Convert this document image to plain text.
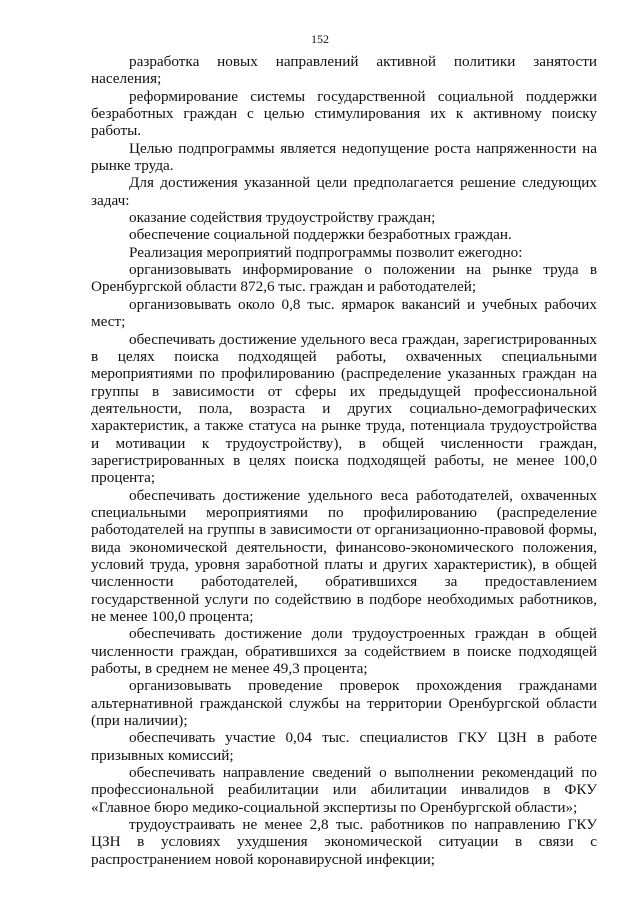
152

разработка новых направлений активной политики занятости населения;

реформирование системы государственной социальной поддержки безработных граждан с целью стимулирования их к активному поиску работы.

Целью подпрограммы является недопущение роста напряженности на рынке труда.

Для достижения указанной цели предполагается решение следующих задач:

оказание содействия трудоустройству граждан;

обеспечение социальной поддержки безработных граждан.

Реализация мероприятий подпрограммы позволит ежегодно:

организовывать информирование о положении на рынке труда в Оренбургской области 872,6 тыс. граждан и работодателей;

организовывать около 0,8 тыс. ярмарок вакансий и учебных рабочих мест;

обеспечивать достижение удельного веса граждан, зарегистрированных в целях поиска подходящей работы, охваченных специальными мероприятиями по профилированию (распределение указанных граждан на группы в зависимости от сферы их предыдущей профессиональной деятельности, пола, возраста и других социально-демографических характеристик, а также статуса на рынке труда, потенциала трудоустройства и мотивации к трудоустройству), в общей численности граждан, зарегистрированных в целях поиска подходящей работы, не менее 100,0 процента;

обеспечивать достижение удельного веса работодателей, охваченных специальными мероприятиями по профилированию (распределение работодателей на группы в зависимости от организационно-правовой формы, вида экономической деятельности, финансово-экономического положения, условий труда, уровня заработной платы и других характеристик), в общей численности работодателей, обратившихся за предоставлением государственной услуги по содействию в подборе необходимых работников, не менее 100,0 процента;

обеспечивать достижение доли трудоустроенных граждан в общей численности граждан, обратившихся за содействием в поиске подходящей работы, в среднем не менее 49,3 процента;

организовывать проведение проверок прохождения гражданами альтернативной гражданской службы на территории Оренбургской области (при наличии);

обеспечивать участие 0,04 тыс. специалистов ГКУ ЦЗН в работе призывных комиссий;

обеспечивать направление сведений о выполнении рекомендаций по профессиональной реабилитации или абилитации инвалидов в ФКУ «Главное бюро медико-социальной экспертизы по Оренбургской области»;

трудоустраивать не менее 2,8 тыс. работников по направлению ГКУ ЦЗН в условиях ухудшения экономической ситуации в связи с распространением новой коронавирусной инфекции;
